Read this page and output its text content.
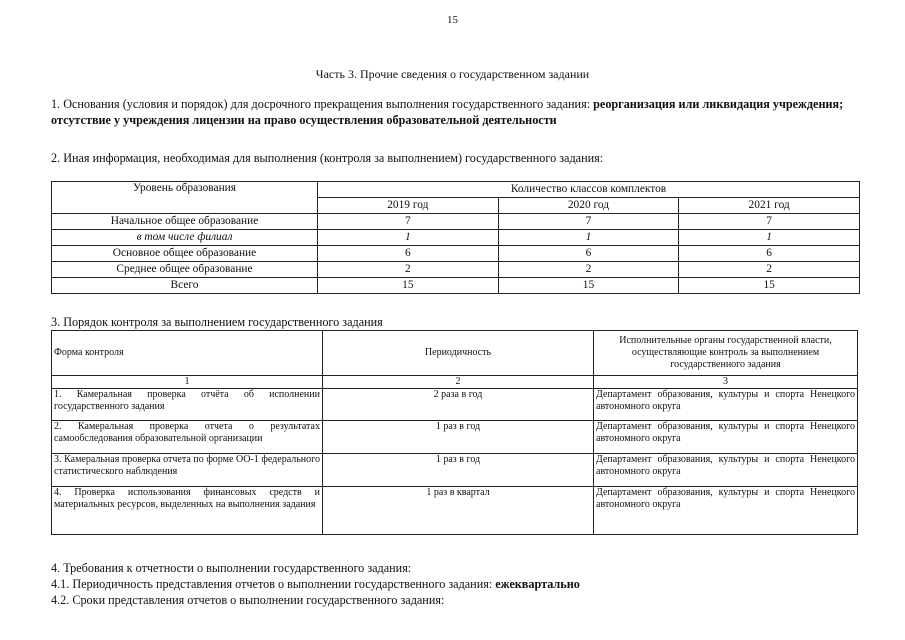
15
Часть 3. Прочие сведения о государственном задании
1. Основания (условия и порядок) для досрочного прекращения выполнения государственного задания: реорганизация или ликвидация учреждения; отсутствие у учреждения лицензии на право осуществления образовательной деятельности
2. Иная информация, необходимая для выполнения (контроля за выполнением) государственного задания:
Уровень образования	Количество классов комплектов		
	2019 год	2020 год	2021 год
Начальное общее образование	7	7	7
в том числе филиал	1	1	1
Основное общее образование	6	6	6
Среднее общее образование	2	2	2
Всего	15	15	15
3. Порядок контроля за выполнением государственного задания
Форма контроля	Периодичность	Исполнительные органы государственной власти, осуществляющие контроль за выполнением государственного задания
1	2	3
1. Камеральная проверка отчёта об исполнении государственного задания	2 раза в год	Департамент образования, культуры и спорта Ненецкого автономного округа
2. Камеральная проверка отчета о результатах самообследования образовательной организации	1 раз в год	Департамент образования, культуры и спорта Ненецкого автономного округа
3. Камеральная проверка отчета по форме ОО-1 федерального статистического наблюдения	1 раз в год	Департамент образования, культуры и спорта Ненецкого автономного округа
4. Проверка использования финансовых средств и материальных ресурсов, выделенных на выполнения задания	1 раз в квартал	Департамент образования, культуры и спорта Ненецкого автономного округа
4. Требования к отчетности о выполнении государственного задания:
4.1. Периодичность представления отчетов о выполнении государственного задания: ежеквартально
4.2. Сроки представления отчетов о выполнении государственного задания:
